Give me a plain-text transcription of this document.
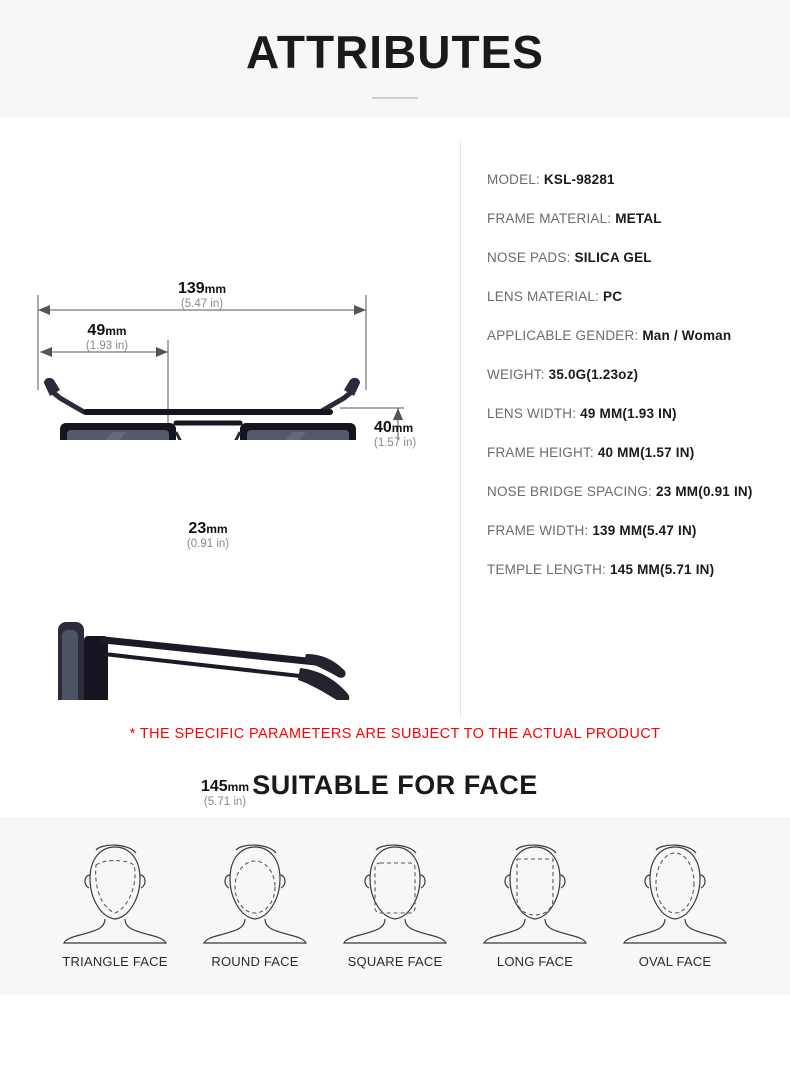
ATTRIBUTES
139mm
(5.47 in)
49mm
(1.93 in)
40mm
(1.57 in)
23mm
(0.91 in)
145mm
(5.71 in)
MODEL: KSL-98281
FRAME MATERIAL: METAL
NOSE PADS: SILICA GEL
LENS MATERIAL: PC
APPLICABLE GENDER: Man / Woman
WEIGHT: 35.0G(1.23oz)
LENS WIDTH: 49 MM(1.93 IN)
FRAME HEIGHT: 40 MM(1.57 IN)
NOSE BRIDGE SPACING: 23 MM(0.91 IN)
FRAME WIDTH: 139 MM(5.47 IN)
TEMPLE LENGTH: 145 MM(5.71 IN)
* THE SPECIFIC PARAMETERS ARE SUBJECT TO THE ACTUAL PRODUCT
SUITABLE FOR FACE
TRIANGLE FACE	ROUND FACE	SQUARE FACE	LONG FACE	OVAL FACE
